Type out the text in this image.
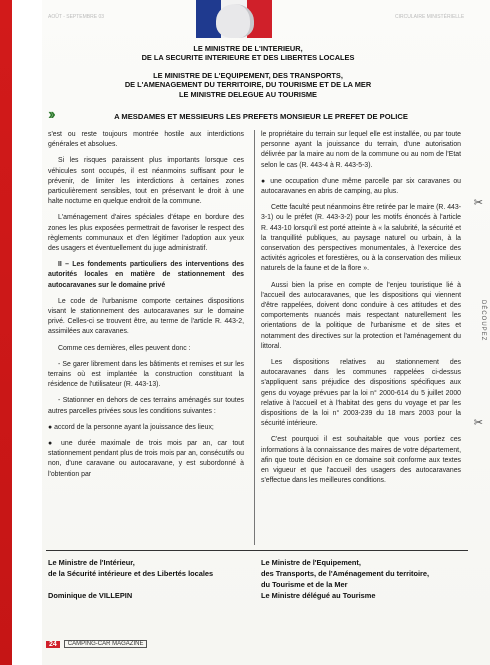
AOÛT - SEPTEMBRE 03	CIRCULAIRE MINISTÉRIELLE
LE MINISTRE DE L'INTERIEUR,
DE LA SECURITE INTERIEURE ET DES LIBERTES LOCALES
LE MINISTRE DE L'EQUIPEMENT, DES TRANSPORTS,
DE L'AMENAGEMENT DU TERRITOIRE, DU TOURISME ET DE LA MER
LE MINISTRE DELEGUE AU TOURISME
››	A MESDAMES ET MESSIEURS LES PREFETS MONSIEUR LE PREFET DE POLICE

s'est ou reste toujours montrée hostile aux interdictions générales et absolues.

Si les risques paraissent plus importants lorsque ces véhicules sont occupés, il est néanmoins suffisant pour le prévenir, de limiter les interdictions à certaines zones particulièrement sensibles, tout en préservant le droit à une halte nocturne en quelque endroit de la commune.

L'aménagement d'aires spéciales d'étape en bordure des zones les plus exposées permettrait de favoriser le respect des règlements communaux et d'en légitimer l'adoption aux yeux des usagers et éventuellement du juge administratif.

II – Les fondements particuliers des interventions des autorités locales en matière de stationnement des autocaravanes sur le domaine privé

Le code de l'urbanisme comporte certaines dispositions visant le stationnement des autocaravanes sur le domaine privé. Celles-ci se trouvent être, au terme de l'article R. 443-2, assimilées aux caravanes.

Comme ces dernières, elles peuvent donc :

- Se garer librement dans les bâtiments et remises et sur les terrains où est implantée la construction constituant la résidence de l'utilisateur (R. 443-13).

- Stationner en dehors de ces terrains aménagés sur toutes autres parcelles privées sous les conditions suivantes :

● accord de la personne ayant la jouissance des lieux;

● une durée maximale de trois mois par an, car tout stationnement pendant plus de trois mois par an, consécutifs ou non, d'une caravane ou autocaravane, y est subordonné à l'obtention par

le propriétaire du terrain sur lequel elle est installée, ou par toute personne ayant la jouissance du terrain, d'une autorisation délivrée par la maire au nom de la commune ou au nom de l'Etat selon le cas (R. 443-4 à R. 443-5-3).

● une occupation d'une même parcelle par six caravanes ou autocaravanes en abris de camping, au plus.

Cette faculté peut néanmoins être retirée par le maire (R. 443-3-1) ou le préfet (R. 443-3-2) pour les motifs énoncés à l'article R. 443-10 lorsqu'il est porté atteinte à « la salubrité, la sécurité et la tranquillité publiques, au paysage naturel ou urbain, à la conservation des perspectives monumentales, à l'exercice des activités agricoles et forestières, ou à la conservation des milieux naturels de la faune et de la flore ».

Aussi bien la prise en compte de l'enjeu touristique lié à l'accueil des autocaravanes, que les dispositions qui viennent d'être rappelées, doivent donc conduire à ces attitudes et des comportements nuancés mais respectant naturellement les orientations de la politique de l'urbanisme et de sites et notamment des directives sur la protection et l'aménagement du littoral.

Les dispositions relatives au stationnement des autocaravanes dans les communes rappelées ci-dessus s'appliquent sans préjudice des dispositions spécifiques aux gens du voyage prévues par la loi n° 2000-614 du 5 juillet 2000 relative à l'accueil et à l'habitat des gens du voyage et par les dispositions de la loi n° 2003-239 du 18 mars 2003 pour la sécurité intérieure.

C'est pourquoi il est souhaitable que vous portiez ces informations à la connaissance des maires de votre département, afin que toute décision en ce domaine soit conforme aux textes en vigueur et que l'accueil des usagers des autocaravanes s'effectue dans les meilleures conditions.

Le Ministre de l'Intérieur,
de la Sécurité intérieure et des Libertés locales
Dominique de VILLEPIN
Le Ministre de l'Equipement,
des Transports, de l'Aménagement du territoire,
du Tourisme et de la Mer
Le Ministre délégué au Tourisme
24	CAMPING-CAR MAGAZINE
✂
DÉCOUPEZ
✂
